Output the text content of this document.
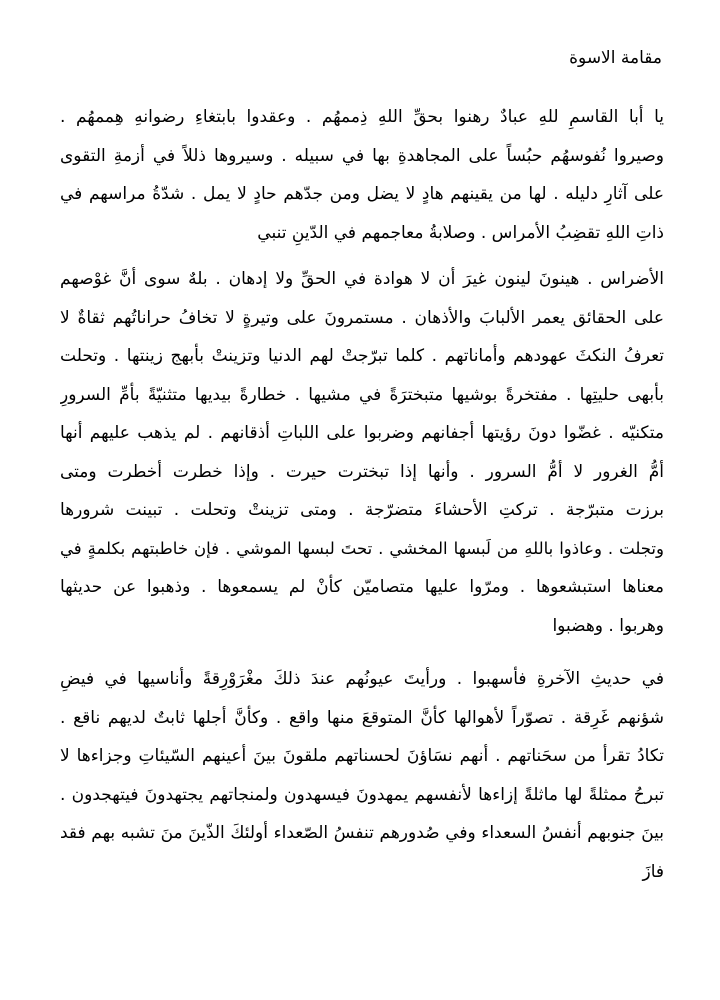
مقامة الاسوة
يا أبا القاسمِ للهِ عبادٌ رهنوا بحقِّ اللهِ ذِممهُم . وعقدوا بابتغاءِ رضوانهِ هِممهُم .
وصيروا نُفوسهُم حبُساً على المجاهدةِ بها في سبيله . وسيروها ذللاً في أزمةِ التقوى
على آثارِ دليله . لها من يقينهم هادٍ لا يضل ومن جدّهم حادٍ لا يمل . شدّةُ مراسهم في
ذاتِ اللهِ تقضِبُ الأمراس . وصلابةُ معاجمهم في الدّينِ تنبي
الأضراس . هينونَ لينون غيرَ أن لا هوادة في الحقِّ ولا إدهان . بلهٌ سوى أنَّ غوْصهم
على الحقائق يعمر الألبابَ والأذهان . مستمرونَ على وتيرةٍ لا تخافُ حراناتُهم ثقاةٌ لا
تعرفُ النكثَ عهودهم وأماناتهم . كلما تبرّجتْ لهم الدنيا وتزينتْ بأبهج زينتها . وتحلت
بأبهى حليتِها . مفتخرةً بوشيها متبخترَةً في مشيها . خطارةً بيديها متثنيّةً بأمِّ السرورِ
متكنيّه . غضّوا دونَ رؤيتها أجفانهم وضربوا على اللباتِ أذقانهم . لم يذهب عليهم أنها
أمُّ الغرور لا أمُّ السرور . وأنها إذا تبخترت حيرت . وإذا خطرت أخطرت ومتى
برزت متبرّجة . تركتِ الأحشاءَ متضرّجة . ومتى تزينتْ وتحلت . تبينت شرورها
وتجلت . وعاذوا باللهِ من لَبسها المخشي . تحتَ لبسها الموشي . فإن خاطبتهم بكلمةٍ في
معناها استبشعوها . ومرّوا عليها متصاميّن كأنْ لم يسمعوها . وذهبوا عن حديثها
وهربوا . وهضبوا
في حديثِ الآخرةِ فأسهبوا . ورأيتَ عيونُهم عندَ ذلكَ مغْرَوْرِقةً وأناسيها في فيضِ
شؤنهم غَرِقة . تصوّراً لأهوالها كأنَّ المتوقعَ منها واقع . وكأنَّ أجلها ثابتٌ لديهم ناقع .
تكادُ تقرأ من سحَناتهم . أنهم نسَاؤنَ لحسناتهم ملقونَ بينَ أعينهم السّيئاتِ وجزاءها لا
تبرحُ ممثلةً لها ماثلةً إزاءها لأنفسهم يمهدونَ فيسهدون ولمنجاتهم يجتهدونَ فيتهجدون .
بينَ جنوبهم أنفسُ السعداء وفي صُدورهم تنفسُ الصّعداء أولئكَ الذّينَ منَ تشبه بهم فقد
فازَ
